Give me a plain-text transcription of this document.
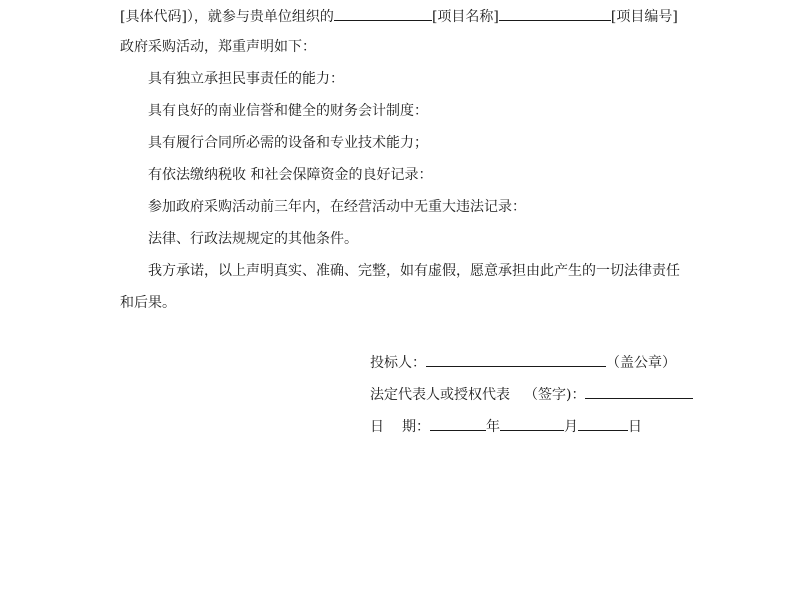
[具体代码]），就参与贵单位组织的	[项目名称]	[项目编号]
政府采购活动，郑重声明如下：
具有独立承担民事责任的能力：
具有良好的南业信誉和健全的财务会计制度：
具有履行合同所必需的设备和专业技术能力；
有依法缴纳税收 和社会保障资金的良好记录：
参加政府采购活动前三年内，在经营活动中无重大违法记录：
法律、行政法规规定的其他条件。
我方承诺，以上声明真实、准确、完整，如有虚假，愿意承担由此产生的一切法律责任
和后果。
投标人：	（盖公章）
法定代表人或授权代表 （签字)：
日 期：	年	月	日
